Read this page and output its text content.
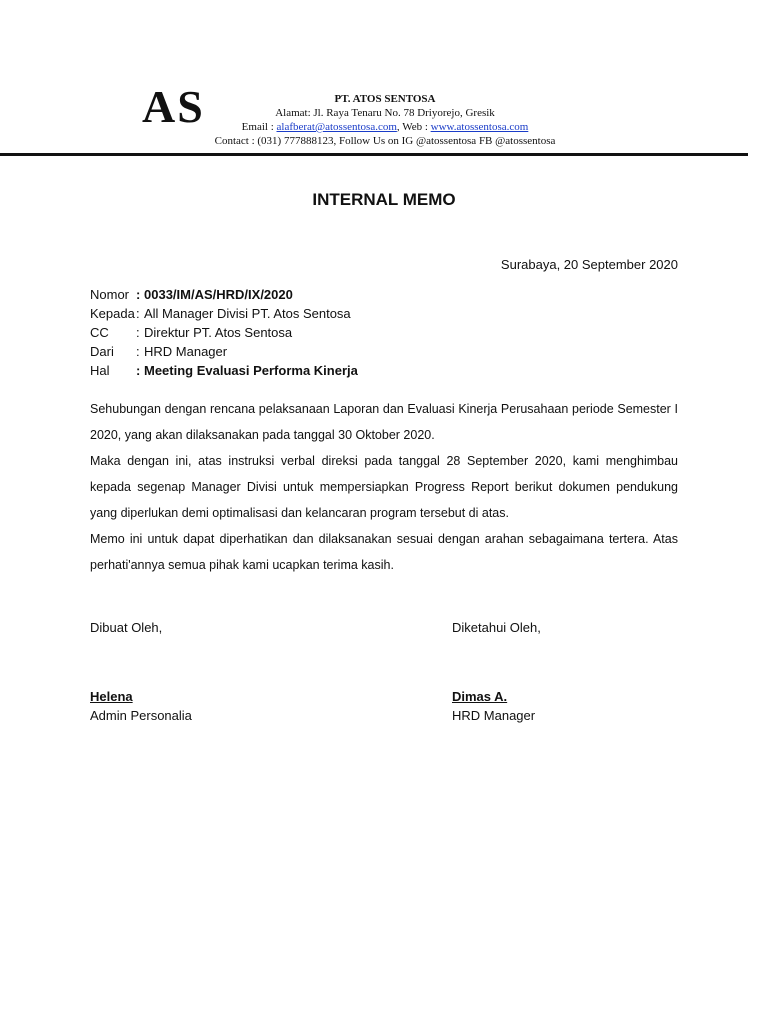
AS	PT. ATOS SENTOSA
Alamat: Jl. Raya Tenaru No. 78 Driyorejo, Gresik
Email : alafberat@atossentosa.com, Web : www.atossentosa.com
Contact : (031) 777888123, Follow Us on IG @atossentosa FB @atossentosa
INTERNAL MEMO
Surabaya, 20 September 2020
Nomor : 0033/IM/AS/HRD/IX/2020
Kepada : All Manager Divisi PT. Atos Sentosa
CC	: Direktur PT. Atos Sentosa
Dari	: HRD Manager
Hal	: Meeting Evaluasi Performa Kinerja

Sehubungan dengan rencana pelaksanaan Laporan dan Evaluasi Kinerja Perusahaan periode Semester I 2020, yang akan dilaksanakan pada tanggal 30 Oktober 2020.

Maka dengan ini, atas instruksi verbal direksi pada tanggal 28 September 2020, kami menghimbau kepada segenap Manager Divisi untuk mempersiapkan Progress Report berikut dokumen pendukung yang diperlukan demi optimalisasi dan kelancaran program tersebut di atas.

Memo ini untuk dapat diperhatikan dan dilaksanakan sesuai dengan arahan sebagaimana tertera. Atas perhati'annya semua pihak kami ucapkan terima kasih.

Dibuat Oleh,
Helena
Admin Personalia
Diketahui Oleh,
Dimas A.
HRD Manager
